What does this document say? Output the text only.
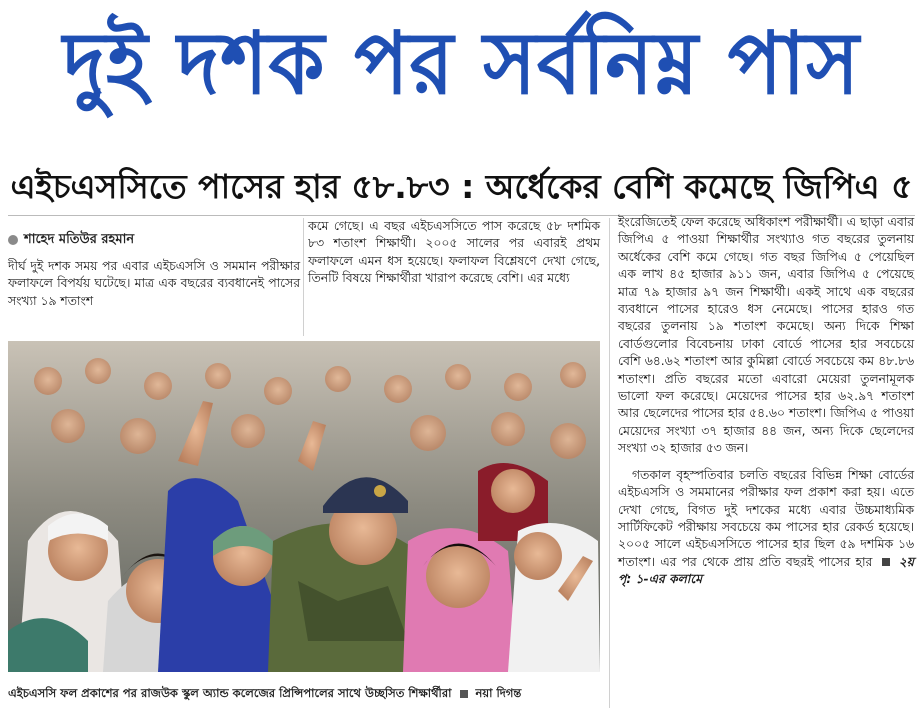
দুই দশক পর সর্বনিম্ন পাস
এইচএসসিতে পাসের হার ৫৮.৮৩ : অর্ধেকের বেশি কমেছে জিপিএ ৫
শাহেদ মতিউর রহমান
দীর্ঘ দুই দশক সময় পর এবার এইচএসসি ও সমমান পরীক্ষার ফলাফলে বিপর্যয় ঘটেছে। মাত্র এক বছরের ব্যবধানেই পাসের সংখ্যা ১৯ শতাংশ
কমে গেছে। এ বছর এইচএসসিতে পাস করেছে ৫৮ দশমিক ৮৩ শতাংশ শিক্ষার্থী। ২০০৫ সালের পর এবারই প্রথম ফলাফলে এমন ধস হয়েছে। ফলাফল বিশ্লেষণে দেখা গেছে, তিনটি বিষয়ে শিক্ষার্থীরা খারাপ করেছে বেশি। এর মধ্যে
ইংরেজিতেই ফেল করেছে অধিকাংশ পরীক্ষার্থী। এ ছাড়া এবার জিপিএ ৫ পাওয়া শিক্ষার্থীর সংখ্যাও গত বছরের তুলনায় অর্ধেকের বেশি কমে গেছে। গত বছর জিপিএ ৫ পেয়েছিল এক লাখ ৪৫ হাজার ৯১১ জন, এবার জিপিএ ৫ পেয়েছে মাত্র ৭৯ হাজার ৯৭ জন শিক্ষার্থী। একই সাথে এক বছরের ব্যবধানে পাসের হারেও ধস নেমেছে। পাসের হারও গত বছরের তুলনায় ১৯ শতাংশ কমেছে। অন্য দিকে শিক্ষা বোর্ডগুলোর বিবেচনায় ঢাকা বোর্ডে পাসের হার সবচেয়ে বেশি ৬৪.৬২ শতাংশ আর কুমিল্লা বোর্ডে সবচেয়ে কম ৪৮.৮৬ শতাংশ। প্রতি বছরের মতো এবারো মেয়েরা তুলনামূলক ভালো ফল করেছে। মেয়েদের পাসের হার ৬২.৯৭ শতাংশ আর ছেলেদের পাসের হার ৫৪.৬০ শতাংশ। জিপিএ ৫ পাওয়া মেয়েদের সংখ্যা ৩৭ হাজার ৪৪ জন, অন্য দিকে ছেলেদের সংখ্যা ৩২ হাজার ৫৩ জন।
গতকাল বৃহস্পতিবার চলতি বছরের বিভিন্ন শিক্ষা বোর্ডের এইচএসসি ও সমমানের পরীক্ষার ফল প্রকাশ করা হয়। এতে দেখা গেছে, বিগত দুই দশকের মধ্যে এবার উচ্চমাধ্যমিক সার্টিফিকেট পরীক্ষায় সবচেয়ে কম পাসের হার রেকর্ড হয়েছে। ২০০৫ সালে এইচএসসিতে পাসের হার ছিল ৫৯ দশমিক ১৬ শতাংশ। এর পর থেকে প্রায় প্রতি বছরই পাসের হার ২য় পৃ: ১-এর কলামে
এইচএসসি ফল প্রকাশের পর রাজউক স্কুল অ্যান্ড কলেজের প্রিন্সিপালের সাথে উচ্ছসিত শিক্ষার্থীরা নয়া দিগন্ত
